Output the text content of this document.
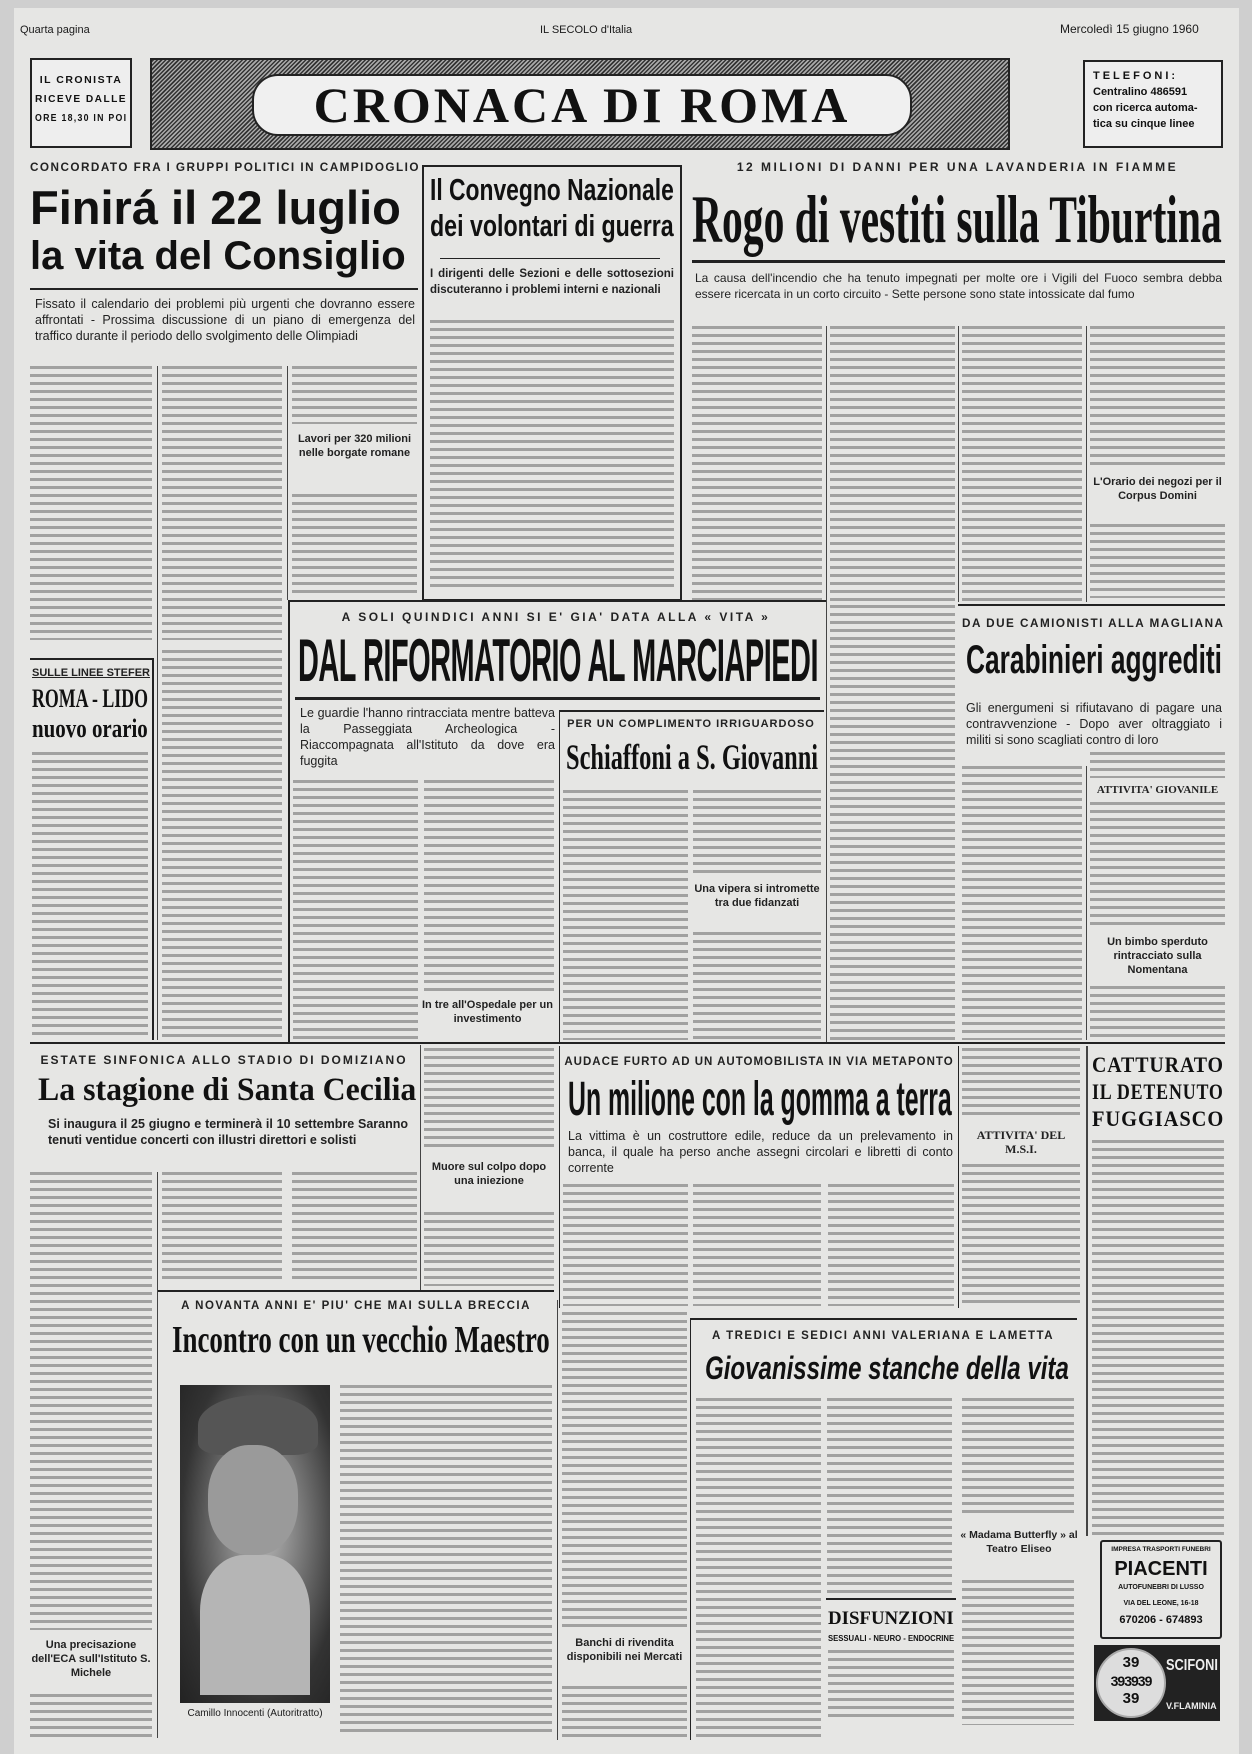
Quarta pagina	IL SECOLO d'Italia	Mercoledì 15 giugno 1960
IL CRONISTA
RICEVE DALLE
ORE 18,30 IN POI	CRONACA DI ROMA
TELEFONI:
Centralino 486591
con ricerca automa-
tica su cinque linee
CONCORDATO FRA I GRUPPI POLITICI IN CAMPIDOGLIO
Finirá il 22 luglio
la vita del Consiglio
Fissato il calendario dei problemi più urgenti che dovranno essere affrontati - Prossima discussione di un piano di emergenza del traffico durante il periodo dello svolgimento delle Olimpiadi
Lavori per 320 milioni nelle borgate romane
Il Convegno Nazionale
dei volontari di guerra
I dirigenti delle Sezioni e delle sottosezioni discuteranno i problemi interni e nazionali
12 MILIONI DI DANNI PER UNA LAVANDERIA IN FIAMME
Rogo di vestiti sulla Tiburtina
La causa dell'incendio che ha tenuto impegnati per molte ore i Vigili del Fuoco sembra debba essere ricercata in un corto circuito - Sette persone sono state intossicate dal fumo
L'Orario dei negozi per il Corpus Domini
SULLE LINEE STEFER
ROMA - LIDO
nuovo orario
A SOLI QUINDICI ANNI SI E' GIA' DATA ALLA « VITA »
DAL RIFORMATORIO AL MARCIAPIEDI
Le guardie l'hanno rintracciata mentre batteva la Passeggiata Archeologica - Riaccompagnata all'Istituto da dove era fuggita
In tre all'Ospedale per un investimento
PER UN COMPLIMENTO IRRIGUARDOSO
Schiaffoni a S. Giovanni
Una vipera si intromette tra due fidanzati
DA DUE CAMIONISTI ALLA MAGLIANA
Carabinieri aggrediti
Gli energumeni si rifiutavano di pagare una contravvenzione - Dopo aver oltraggiato i militi si sono scagliati contro di loro
ATTIVITA' GIOVANILE
Un bimbo sperduto rintracciato sulla Nomentana
ESTATE SINFONICA ALLO STADIO DI DOMIZIANO
La stagione di Santa Cecilia
Si inaugura il 25 giugno e terminerà il 10 settembre Saranno tenuti ventidue concerti con illustri direttori e solisti
Muore sul colpo dopo una iniezione
AUDACE FURTO AD UN AUTOMOBILISTA IN VIA METAPONTO
Un milione con la gomma a terra
La vittima è un costruttore edile, reduce da un prelevamento in banca, il quale ha perso anche assegni circolari e libretti di conto corrente
ATTIVITA' DEL M.S.I.
CATTURATO
IL DETENUTO
FUGGIASCO
A NOVANTA ANNI E' PIU' CHE MAI SULLA BRECCIA
Incontro con un vecchio Maestro
Camillo Innocenti (Autoritratto)
Una precisazione dell'ECA sull'Istituto S. Michele
Banchi di rivendita disponibili nei Mercati
A TREDICI E SEDICI ANNI VALERIANA E LAMETTA
Giovanissime stanche della vita
« Madama Butterfly » al Teatro Eliseo
DISFUNZIONI
SESSUALI - NEURO - ENDOCRINE
IMPRESA TRASPORTI FUNEBRI
PIACENTI
AUTOFUNEBRI DI LUSSO
VIA DEL LEONE, 16-18
670206 - 674893
39
393939
39
SCIFONI
V.FLAMINIA
